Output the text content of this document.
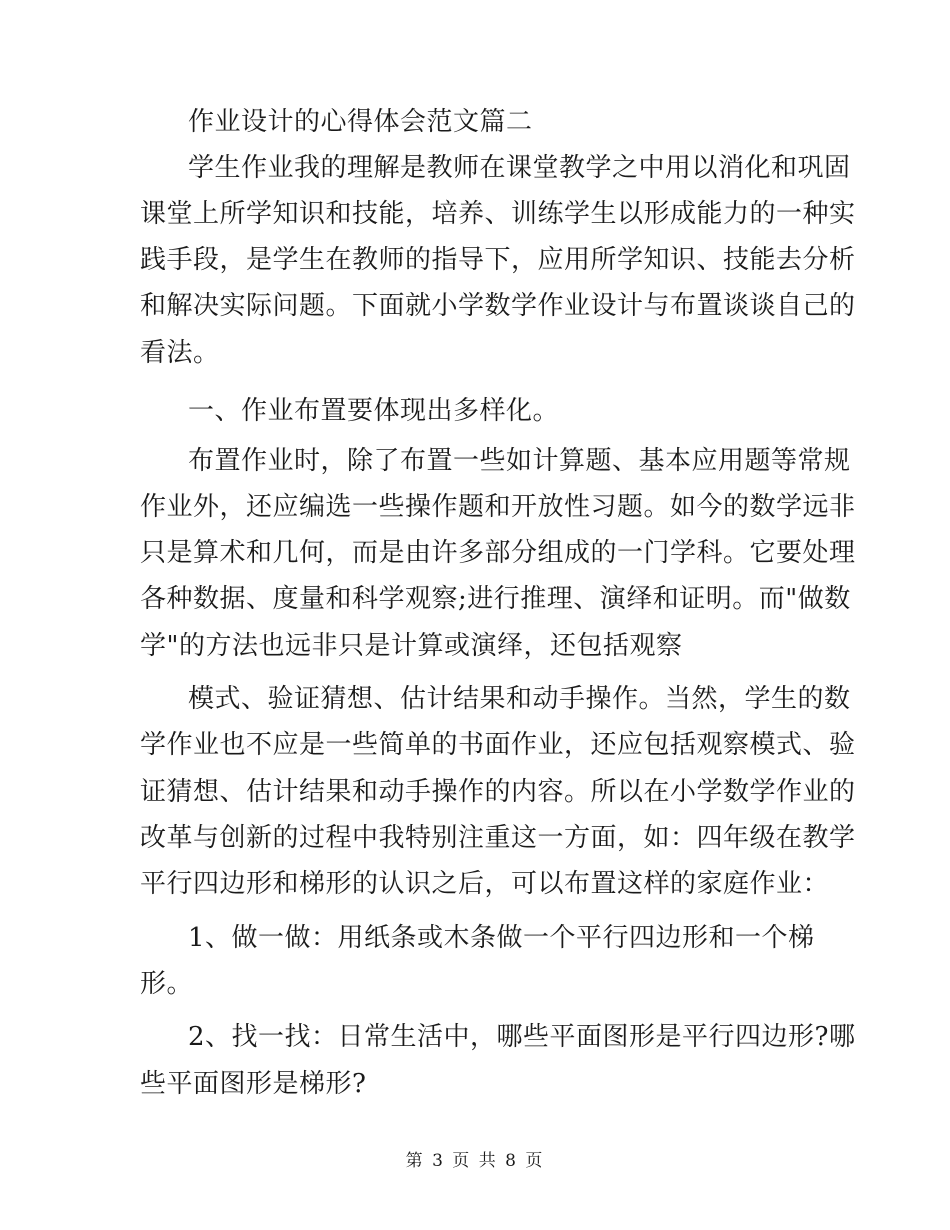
作业设计的心得体会范文篇二
学生作业我的理解是教师在课堂教学之中用以消化和巩固
课堂上所学知识和技能，培养、训练学生以形成能力的一种实
践手段，是学生在教师的指导下，应用所学知识、技能去分析
和解决实际问题。下面就小学数学作业设计与布置谈谈自己的
看法。
一、作业布置要体现出多样化。
布置作业时，除了布置一些如计算题、基本应用题等常规
作业外，还应编选一些操作题和开放性习题。如今的数学远非
只是算术和几何，而是由许多部分组成的一门学科。它要处理
各种数据、度量和科学观察;进行推理、演绎和证明。而"做数
学"的方法也远非只是计算或演绎，还包括观察
模式、验证猜想、估计结果和动手操作。当然，学生的数
学作业也不应是一些简单的书面作业，还应包括观察模式、验
证猜想、估计结果和动手操作的内容。所以在小学数学作业的
改革与创新的过程中我特别注重这一方面，如：四年级在教学
平行四边形和梯形的认识之后，可以布置这样的家庭作业：
1、做一做：用纸条或木条做一个平行四边形和一个梯
形。
2、找一找：日常生活中，哪些平面图形是平行四边形?哪
些平面图形是梯形?
第 3 页 共 8 页
